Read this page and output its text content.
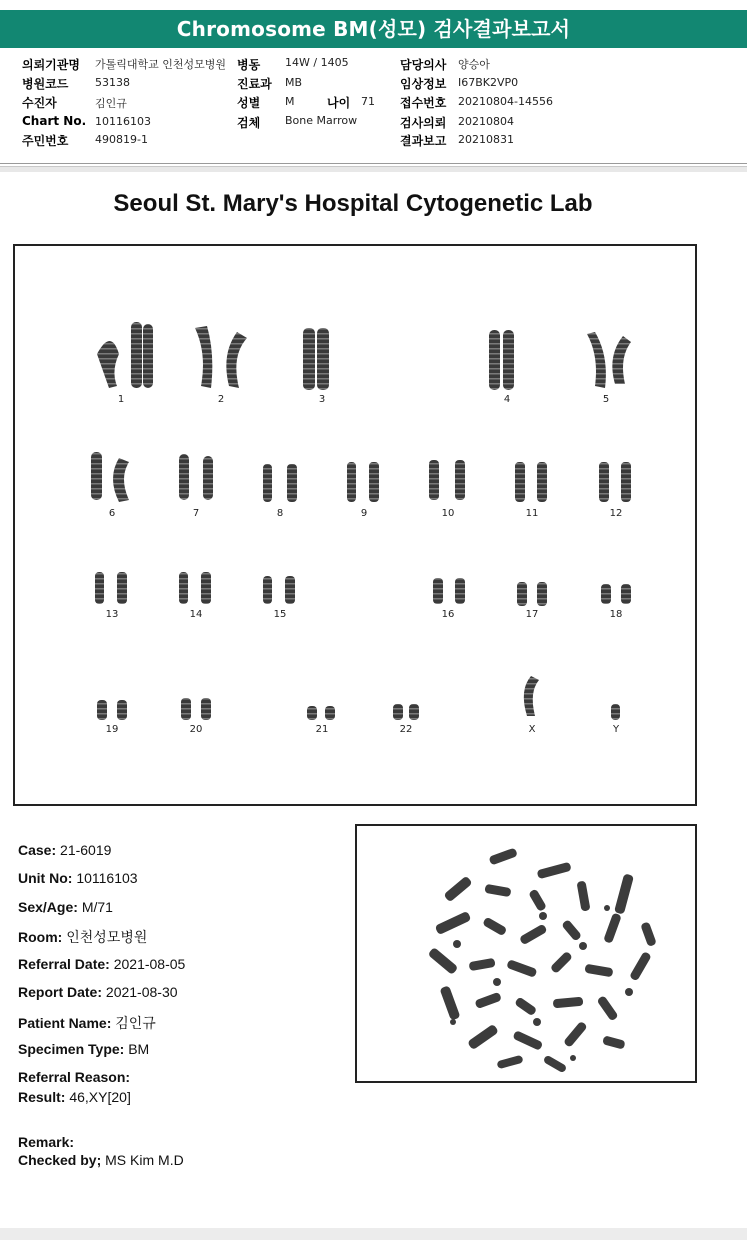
Chromosome BM(성모) 검사결과보고서
의뢰기관명 가톨릭대학교 인천성모병원
병원코드 53138
수진자	김인규
Chart No. 10116103
주민번호 490819-1
병동 14W / 1405
진료과 MB
성별 M	나이 71
검체 Bone Marrow
담당의사 양승아
임상정보 I67BK2VP0
접수번호 20210804-14556
검사의뢰 20210804
결과보고 20210831
Seoul St. Mary's Hospital Cytogenetic Lab
1	2	3	4	5
6	7	8	9	10	11	12
13	14	15	16	17	18
19	20	21	22	X	Y
Case: 21-6019
Unit No: 10116103
Sex/Age: M/71
Room: 인천성모병원
Referral Date: 2021-08-05
Report Date: 2021-08-30
Patient Name: 김인규
Specimen Type: BM
Referral Reason:
Result: 46,XY[20]
Remark:
Checked by; MS Kim M.D
